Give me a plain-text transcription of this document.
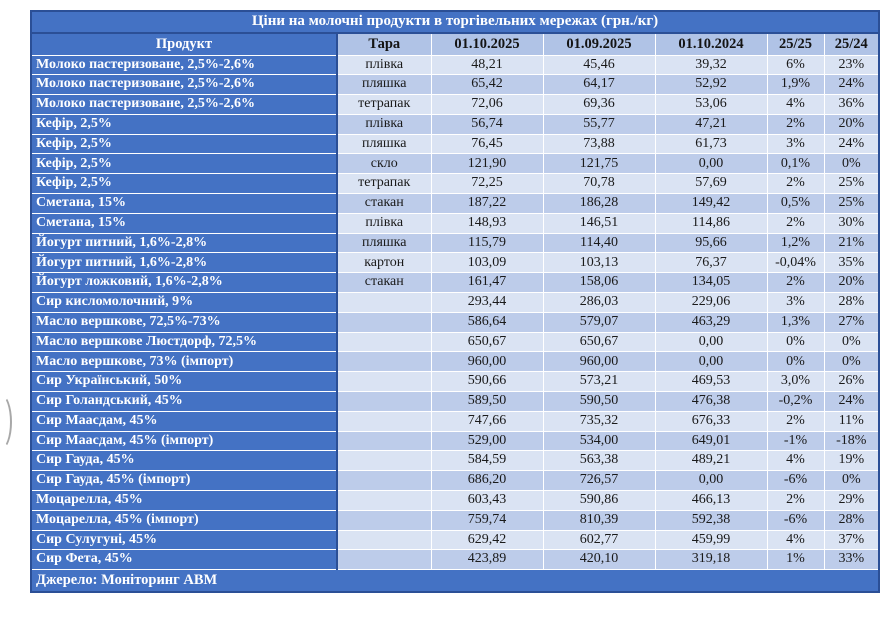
Ціни на молочні продукти в торгівельних мережах (грн./кг)						
Продукт	Тара	01.10.2025	01.09.2025	01.10.2024	25/25	25/24
Молоко пастеризоване, 2,5%-2,6%	плівка	48,21	45,46	39,32	6%	23%
Молоко пастеризоване, 2,5%-2,6%	пляшка	65,42	64,17	52,92	1,9%	24%
Молоко пастеризоване, 2,5%-2,6%	тетрапак	72,06	69,36	53,06	4%	36%
Кефір, 2,5%	плівка	56,74	55,77	47,21	2%	20%
Кефір, 2,5%	пляшка	76,45	73,88	61,73	3%	24%
Кефір, 2,5%	скло	121,90	121,75	0,00	0,1%	0%
Кефір, 2,5%	тетрапак	72,25	70,78	57,69	2%	25%
Сметана, 15%	стакан	187,22	186,28	149,42	0,5%	25%
Сметана, 15%	плівка	148,93	146,51	114,86	2%	30%
Йогурт питний, 1,6%-2,8%	пляшка	115,79	114,40	95,66	1,2%	21%
Йогурт питний, 1,6%-2,8%	картон	103,09	103,13	76,37	-0,04%	35%
Йогурт ложковий, 1,6%-2,8%	стакан	161,47	158,06	134,05	2%	20%
Сир кисломолочний, 9%		293,44	286,03	229,06	3%	28%
Масло вершкове, 72,5%-73%		586,64	579,07	463,29	1,3%	27%
Масло вершкове Люстдорф, 72,5%		650,67	650,67	0,00	0%	0%
Масло вершкове, 73% (імпорт)		960,00	960,00	0,00	0%	0%
Сир Український, 50%		590,66	573,21	469,53	3,0%	26%
Сир Голандський, 45%		589,50	590,50	476,38	-0,2%	24%
Сир Маасдам, 45%		747,66	735,32	676,33	2%	11%
Сир Маасдам, 45% (імпорт)		529,00	534,00	649,01	-1%	-18%
Сир Гауда, 45%		584,59	563,38	489,21	4%	19%
Сир Гауда, 45% (імпорт)		686,20	726,57	0,00	-6%	0%
Моцарелла, 45%		603,43	590,86	466,13	2%	29%
Моцарелла, 45% (імпорт)		759,74	810,39	592,38	-6%	28%
Сир Сулугуні, 45%		629,42	602,77	459,99	4%	37%
Сир Фета, 45%		423,89	420,10	319,18	1%	33%
Джерело: Моніторинг АВМ						
